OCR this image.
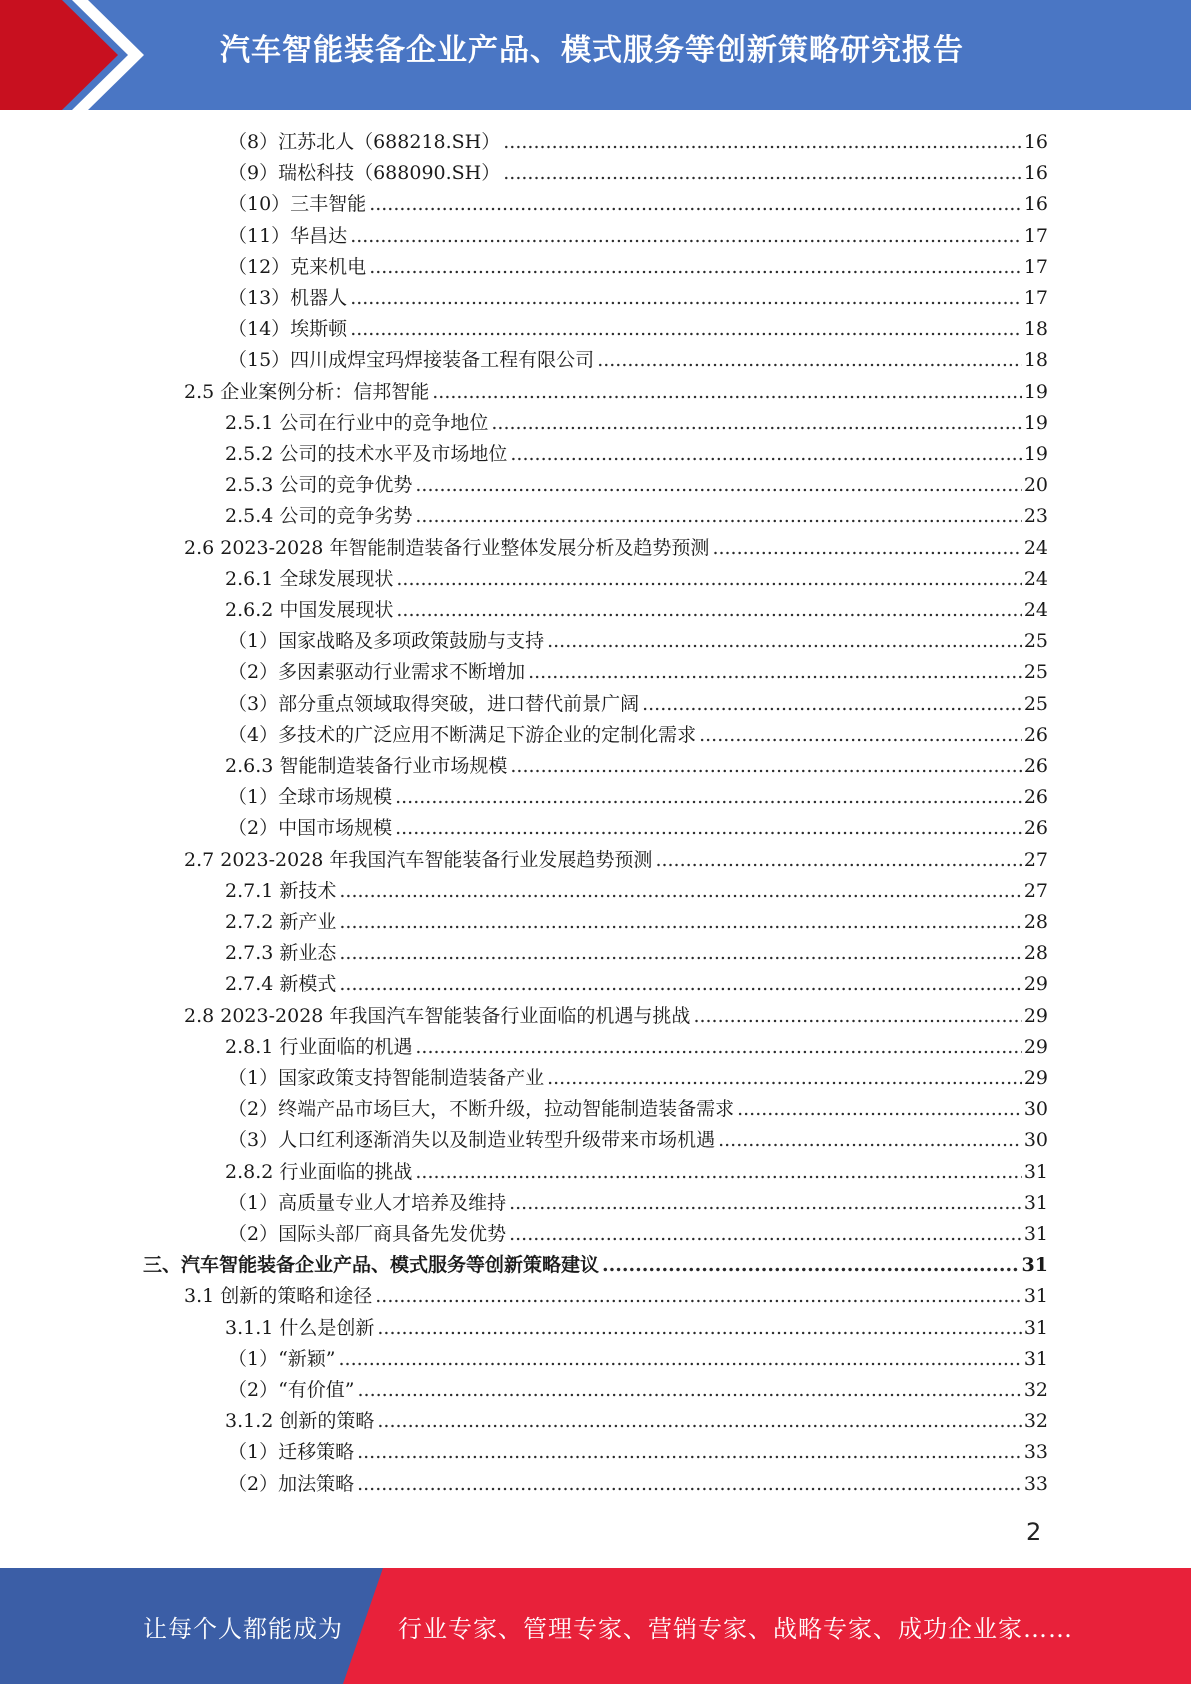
汽车智能装备企业产品、模式服务等创新策略研究报告
（8）江苏北人（688218.SH） .....	16
（9）瑞松科技（688090.SH） .....	16
（10）三丰智能 .....	16
（11）华昌达 .....	17
（12）克来机电 .....	17
（13）机器人 .....	17
（14）埃斯顿 .....	18
（15）四川成焊宝玛焊接装备工程有限公司 .....	18
2.5 企业案例分析：信邦智能 .....	19
2.5.1 公司在行业中的竞争地位 .....	19
2.5.2 公司的技术水平及市场地位 .....	19
2.5.3 公司的竞争优势 .....	20
2.5.4 公司的竞争劣势 .....	23
2.6 2023-2028 年智能制造装备行业整体发展分析及趋势预测 .....	24
2.6.1 全球发展现状 .....	24
2.6.2 中国发展现状 .....	24
（1）国家战略及多项政策鼓励与支持 .....	25
（2）多因素驱动行业需求不断增加 .....	25
（3）部分重点领域取得突破，进口替代前景广阔 .....	25
（4）多技术的广泛应用不断满足下游企业的定制化需求 .....	26
2.6.3 智能制造装备行业市场规模 .....	26
（1）全球市场规模 .....	26
（2）中国市场规模 .....	26
2.7 2023-2028 年我国汽车智能装备行业发展趋势预测 .....	27
2.7.1 新技术 .....	27
2.7.2 新产业 .....	28
2.7.3 新业态 .....	28
2.7.4 新模式 .....	29
2.8 2023-2028 年我国汽车智能装备行业面临的机遇与挑战 .....	29
2.8.1 行业面临的机遇 .....	29
（1）国家政策支持智能制造装备产业 .....	29
（2）终端产品市场巨大，不断升级，拉动智能制造装备需求 .....	30
（3）人口红利逐渐消失以及制造业转型升级带来市场机遇 .....	30
2.8.2 行业面临的挑战 .....	31
（1）高质量专业人才培养及维持 .....	31
（2）国际头部厂商具备先发优势 .....	31
三、汽车智能装备企业产品、模式服务等创新策略建议 .....	31
3.1 创新的策略和途径 .....	31
3.1.1 什么是创新 .....	31
（1）“新颖” .....	31
（2）“有价值” .....	32
3.1.2 创新的策略 .....	32
（1）迁移策略 .....	33
（2）加法策略 .....	33
2
让每个人都能成为 行业专家、管理专家、营销专家、战略专家、成功企业家……
